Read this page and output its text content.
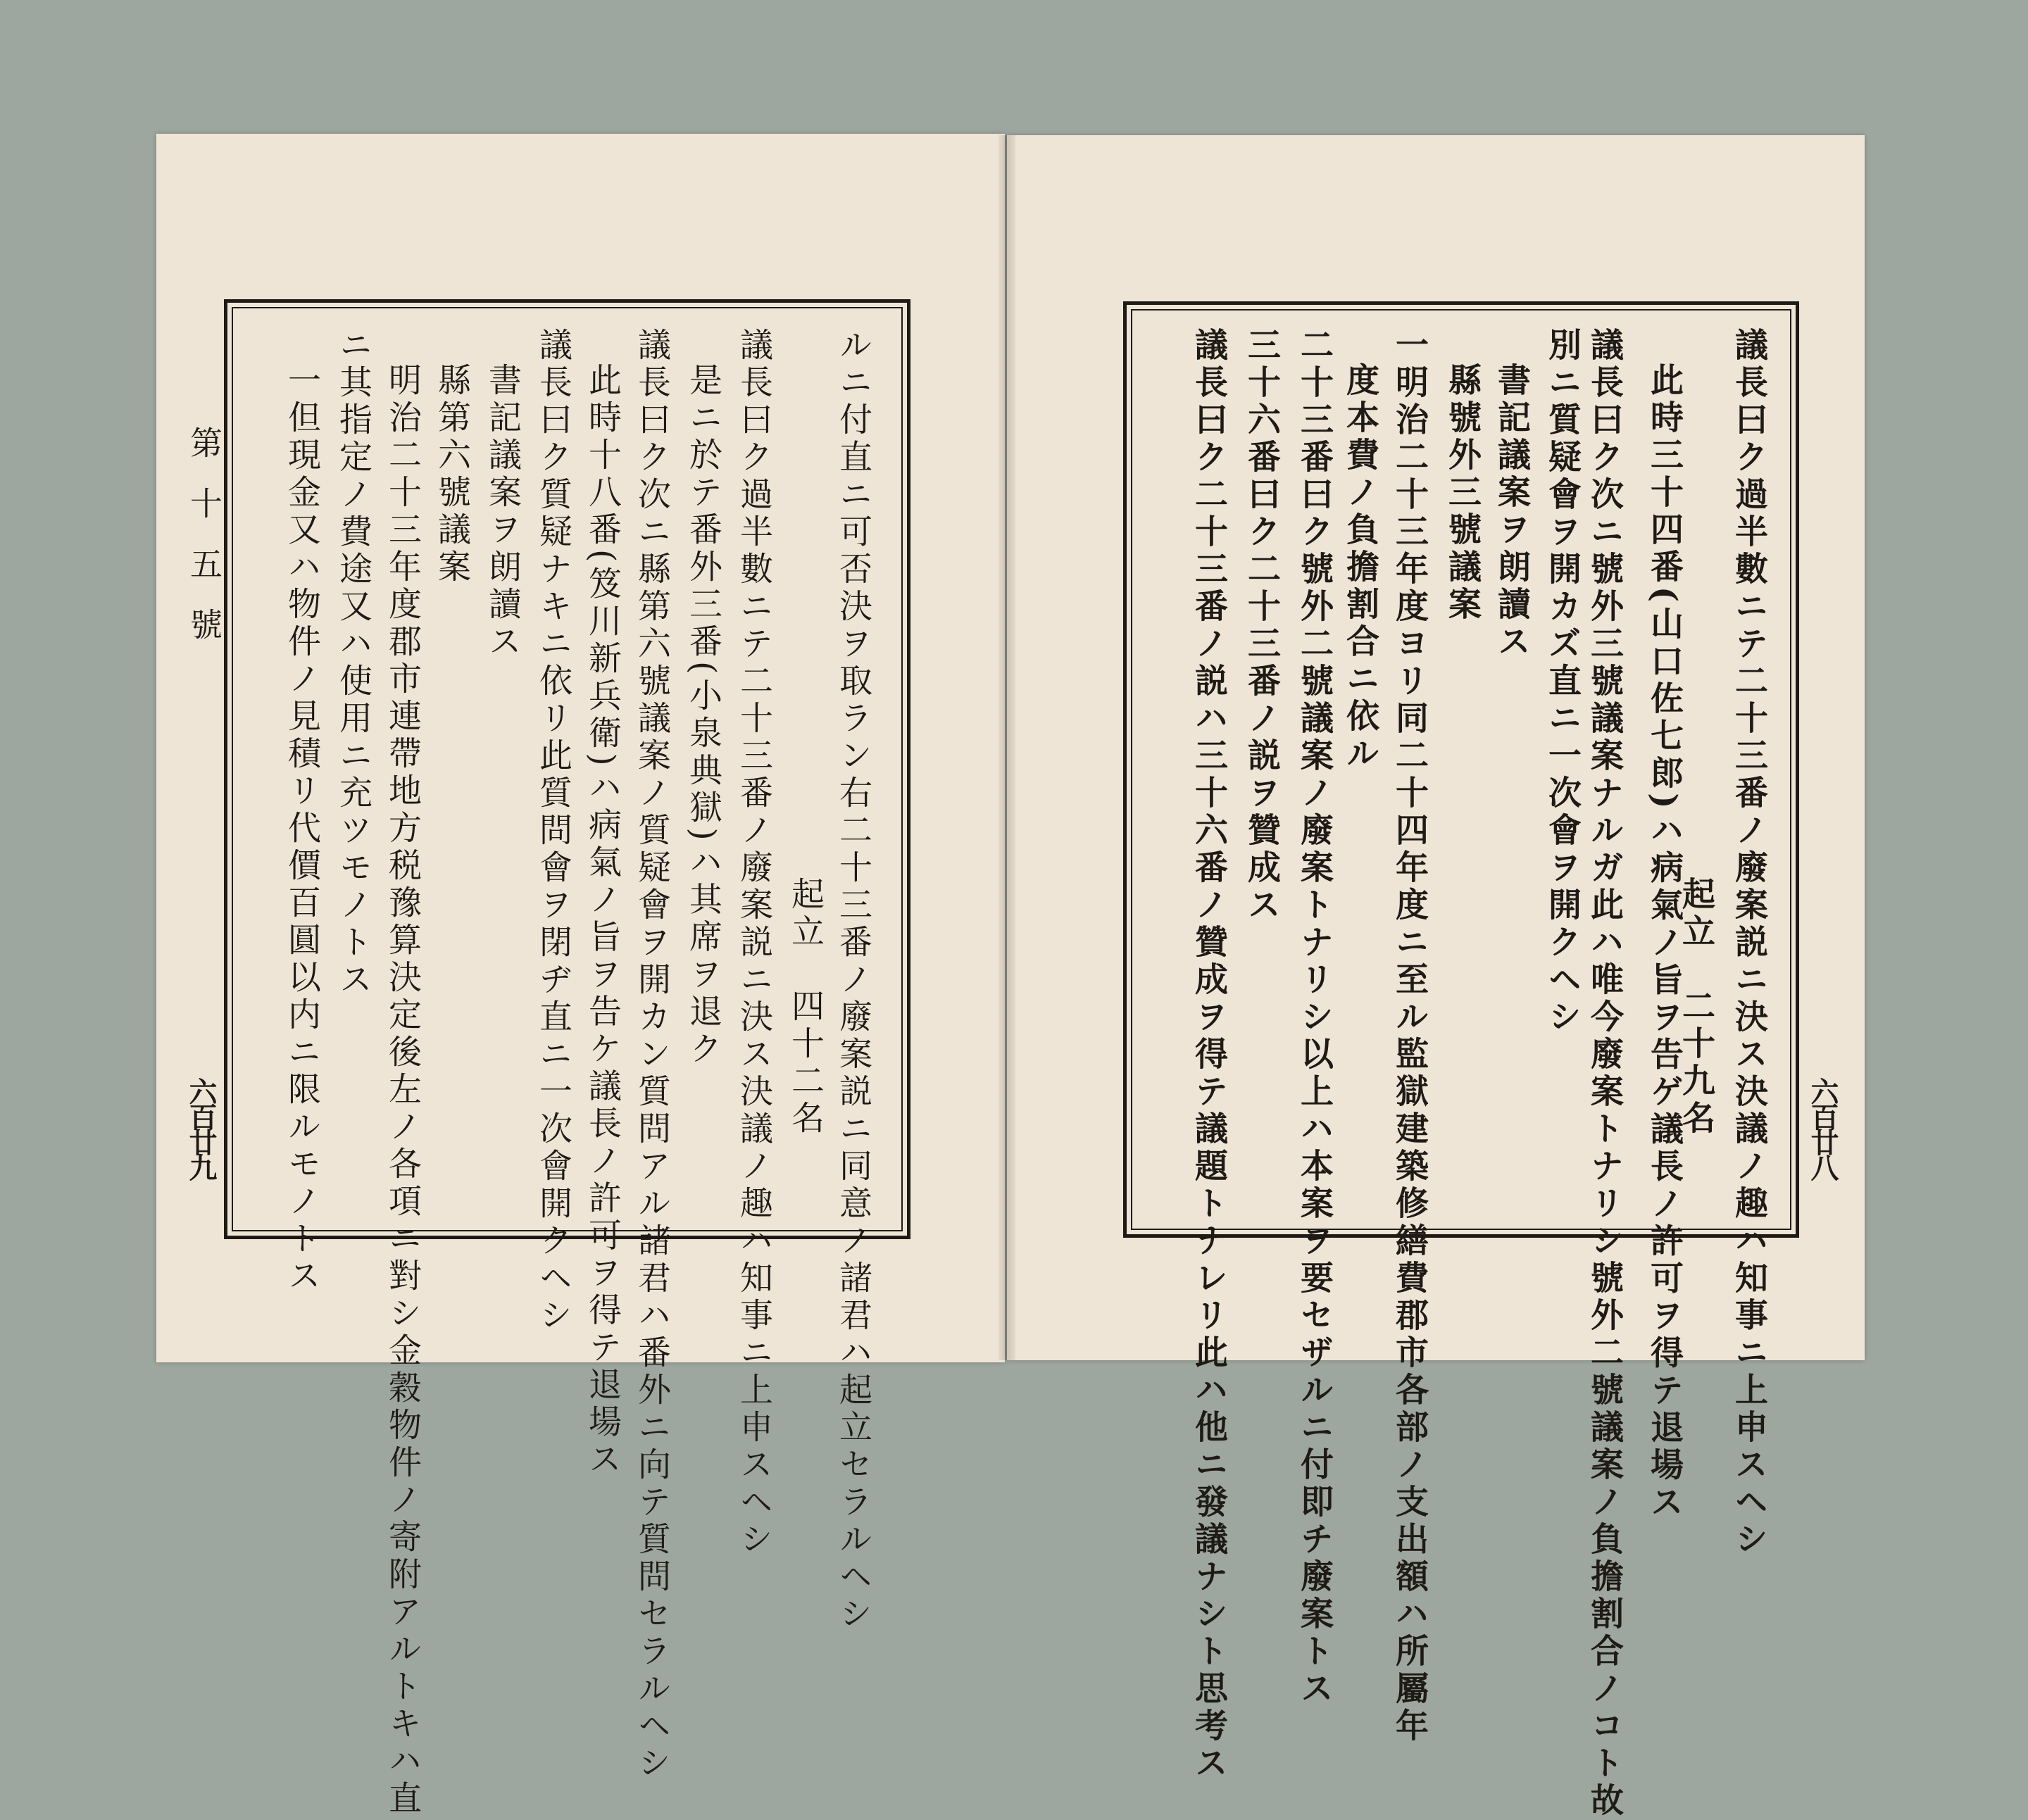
六百廿八
議長曰ク過半數ニテ二十三番ノ廢案説ニ決ス決議ノ趣ハ知事ニ上申スヘシ
起立　二十九名
此時三十四番(山口佐七郎)ハ病氣ノ旨ヲ告ゲ議長ノ許可ヲ得テ退場ス
議長曰ク次ニ號外三號議案ナルガ此ハ唯今廢案トナリシ號外二號議案ノ負擔割合ノコト故
別ニ質疑會ヲ開カズ直ニ一次會ヲ開クヘシ
書記議案ヲ朗讀ス
縣號外三號議案
一明治二十三年度ヨリ同二十四年度ニ至ル監獄建築修繕費郡市各部ノ支出額ハ所屬年
度本費ノ負擔割合ニ依ル
二十三番曰ク號外二號議案ノ廢案トナリシ以上ハ本案ヲ要セザルニ付即チ廢案トス
三十六番曰ク二十三番ノ説ヲ贊成ス
議長曰ク二十三番ノ説ハ三十六番ノ贊成ヲ得テ議題トナレリ此ハ他ニ發議ナシト思考ス
ルニ付直ニ可否決ヲ取ラン右二十三番ノ廢案説ニ同意ノ諸君ハ起立セラルヘシ
起立　四十二名
議長曰ク過半數ニテ二十三番ノ廢案説ニ決ス決議ノ趣ハ知事ニ上申スヘシ
是ニ於テ番外三番(小泉典獄)ハ其席ヲ退ク
議長曰ク次ニ縣第六號議案ノ質疑會ヲ開カン質問アル諸君ハ番外ニ向テ質問セラルヘシ
此時十八番(笈川新兵衛)ハ病氣ノ旨ヲ告ケ議長ノ許可ヲ得テ退場ス
議長曰ク質疑ナキニ依リ此質問會ヲ閉ヂ直ニ一次會開クヘシ
書記議案ヲ朗讀ス
縣第六號議案
明治二十三年度郡市連帶地方税豫算決定後左ノ各項ニ對シ金穀物件ノ寄附アルトキハ直
ニ其指定ノ費途又ハ使用ニ充ツモノトス
一但現金又ハ物件ノ見積リ代價百圓以内ニ限ルモノトス
第十五號
六百廿九
